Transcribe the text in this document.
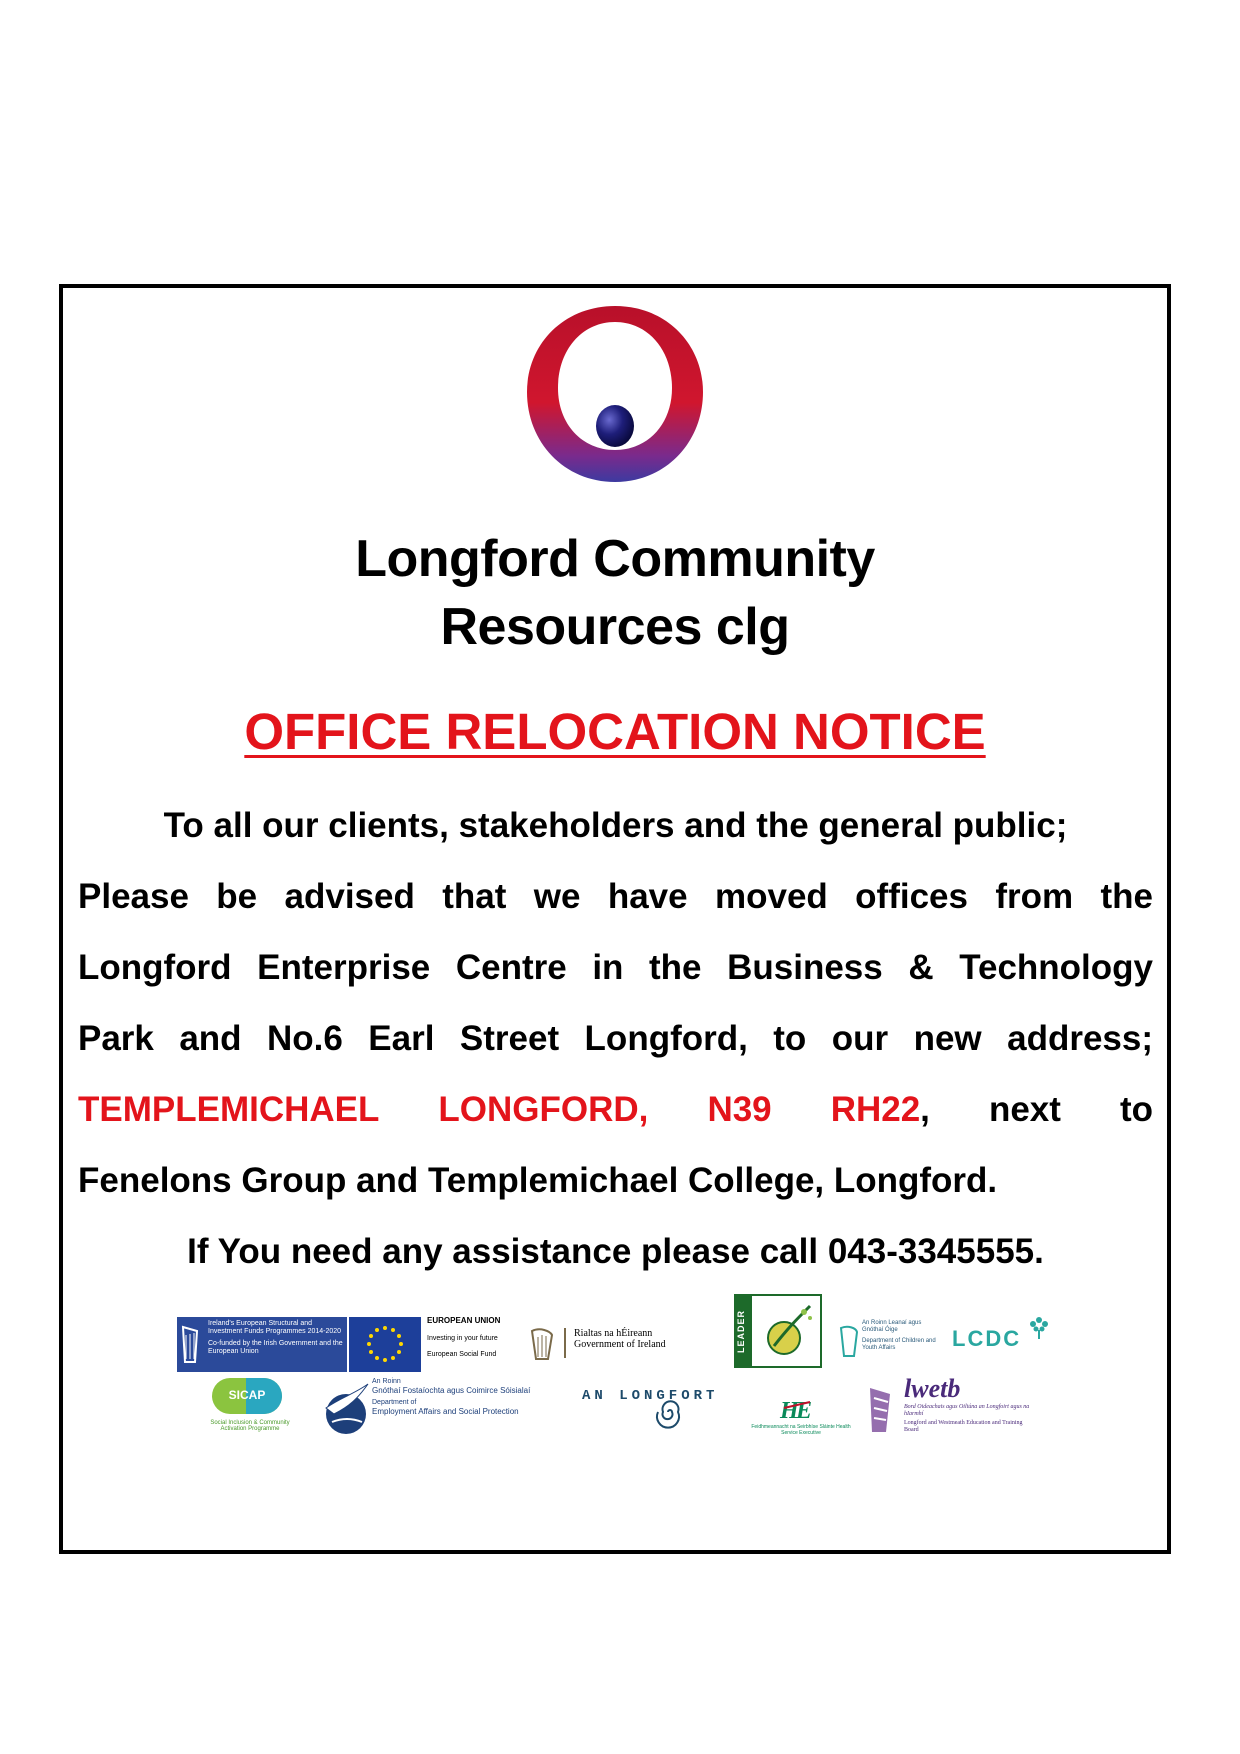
Longford Community
Resources clg
OFFICE RELOCATION NOTICE
To all our clients, stakeholders and the general public;
Please be advised that we have moved offices from the
Longford Enterprise Centre in the Business & Technology
Park and No.6 Earl Street Longford, to our new address;
TEMPLEMICHAEL LONGFORD, N39 RH22, next to
Fenelons Group and Templemichael College, Longford.
If You need any assistance please call 043-3345555.
Ireland's European Structural and Investment Funds Programmes 2014-2020
Co-funded by the Irish Government and the European Union
EUROPEAN UNION
Investing in your future
European Social Fund
Rialtas na hÉireann
Government of Ireland	LEADER	An Roinn Leanaí agus Gnóthaí Óige
Department of Children and Youth Affairs	LCDC
SICAP
Social Inclusion & Community Activation Programme
An Roinn
Gnóthaí Fostaíochta agus Coimirce Sóisialaí
Department of
Employment Affairs and Social Protection
AN LONGFORT
H
E
Feidhmeannacht na Seirbhíse Sláinte Health Service Executive
lwetb
Bord Oideachais agus Oiliúna an Longfoirt agus na hIarmhí
Longford and Westmeath Education and Training Board
